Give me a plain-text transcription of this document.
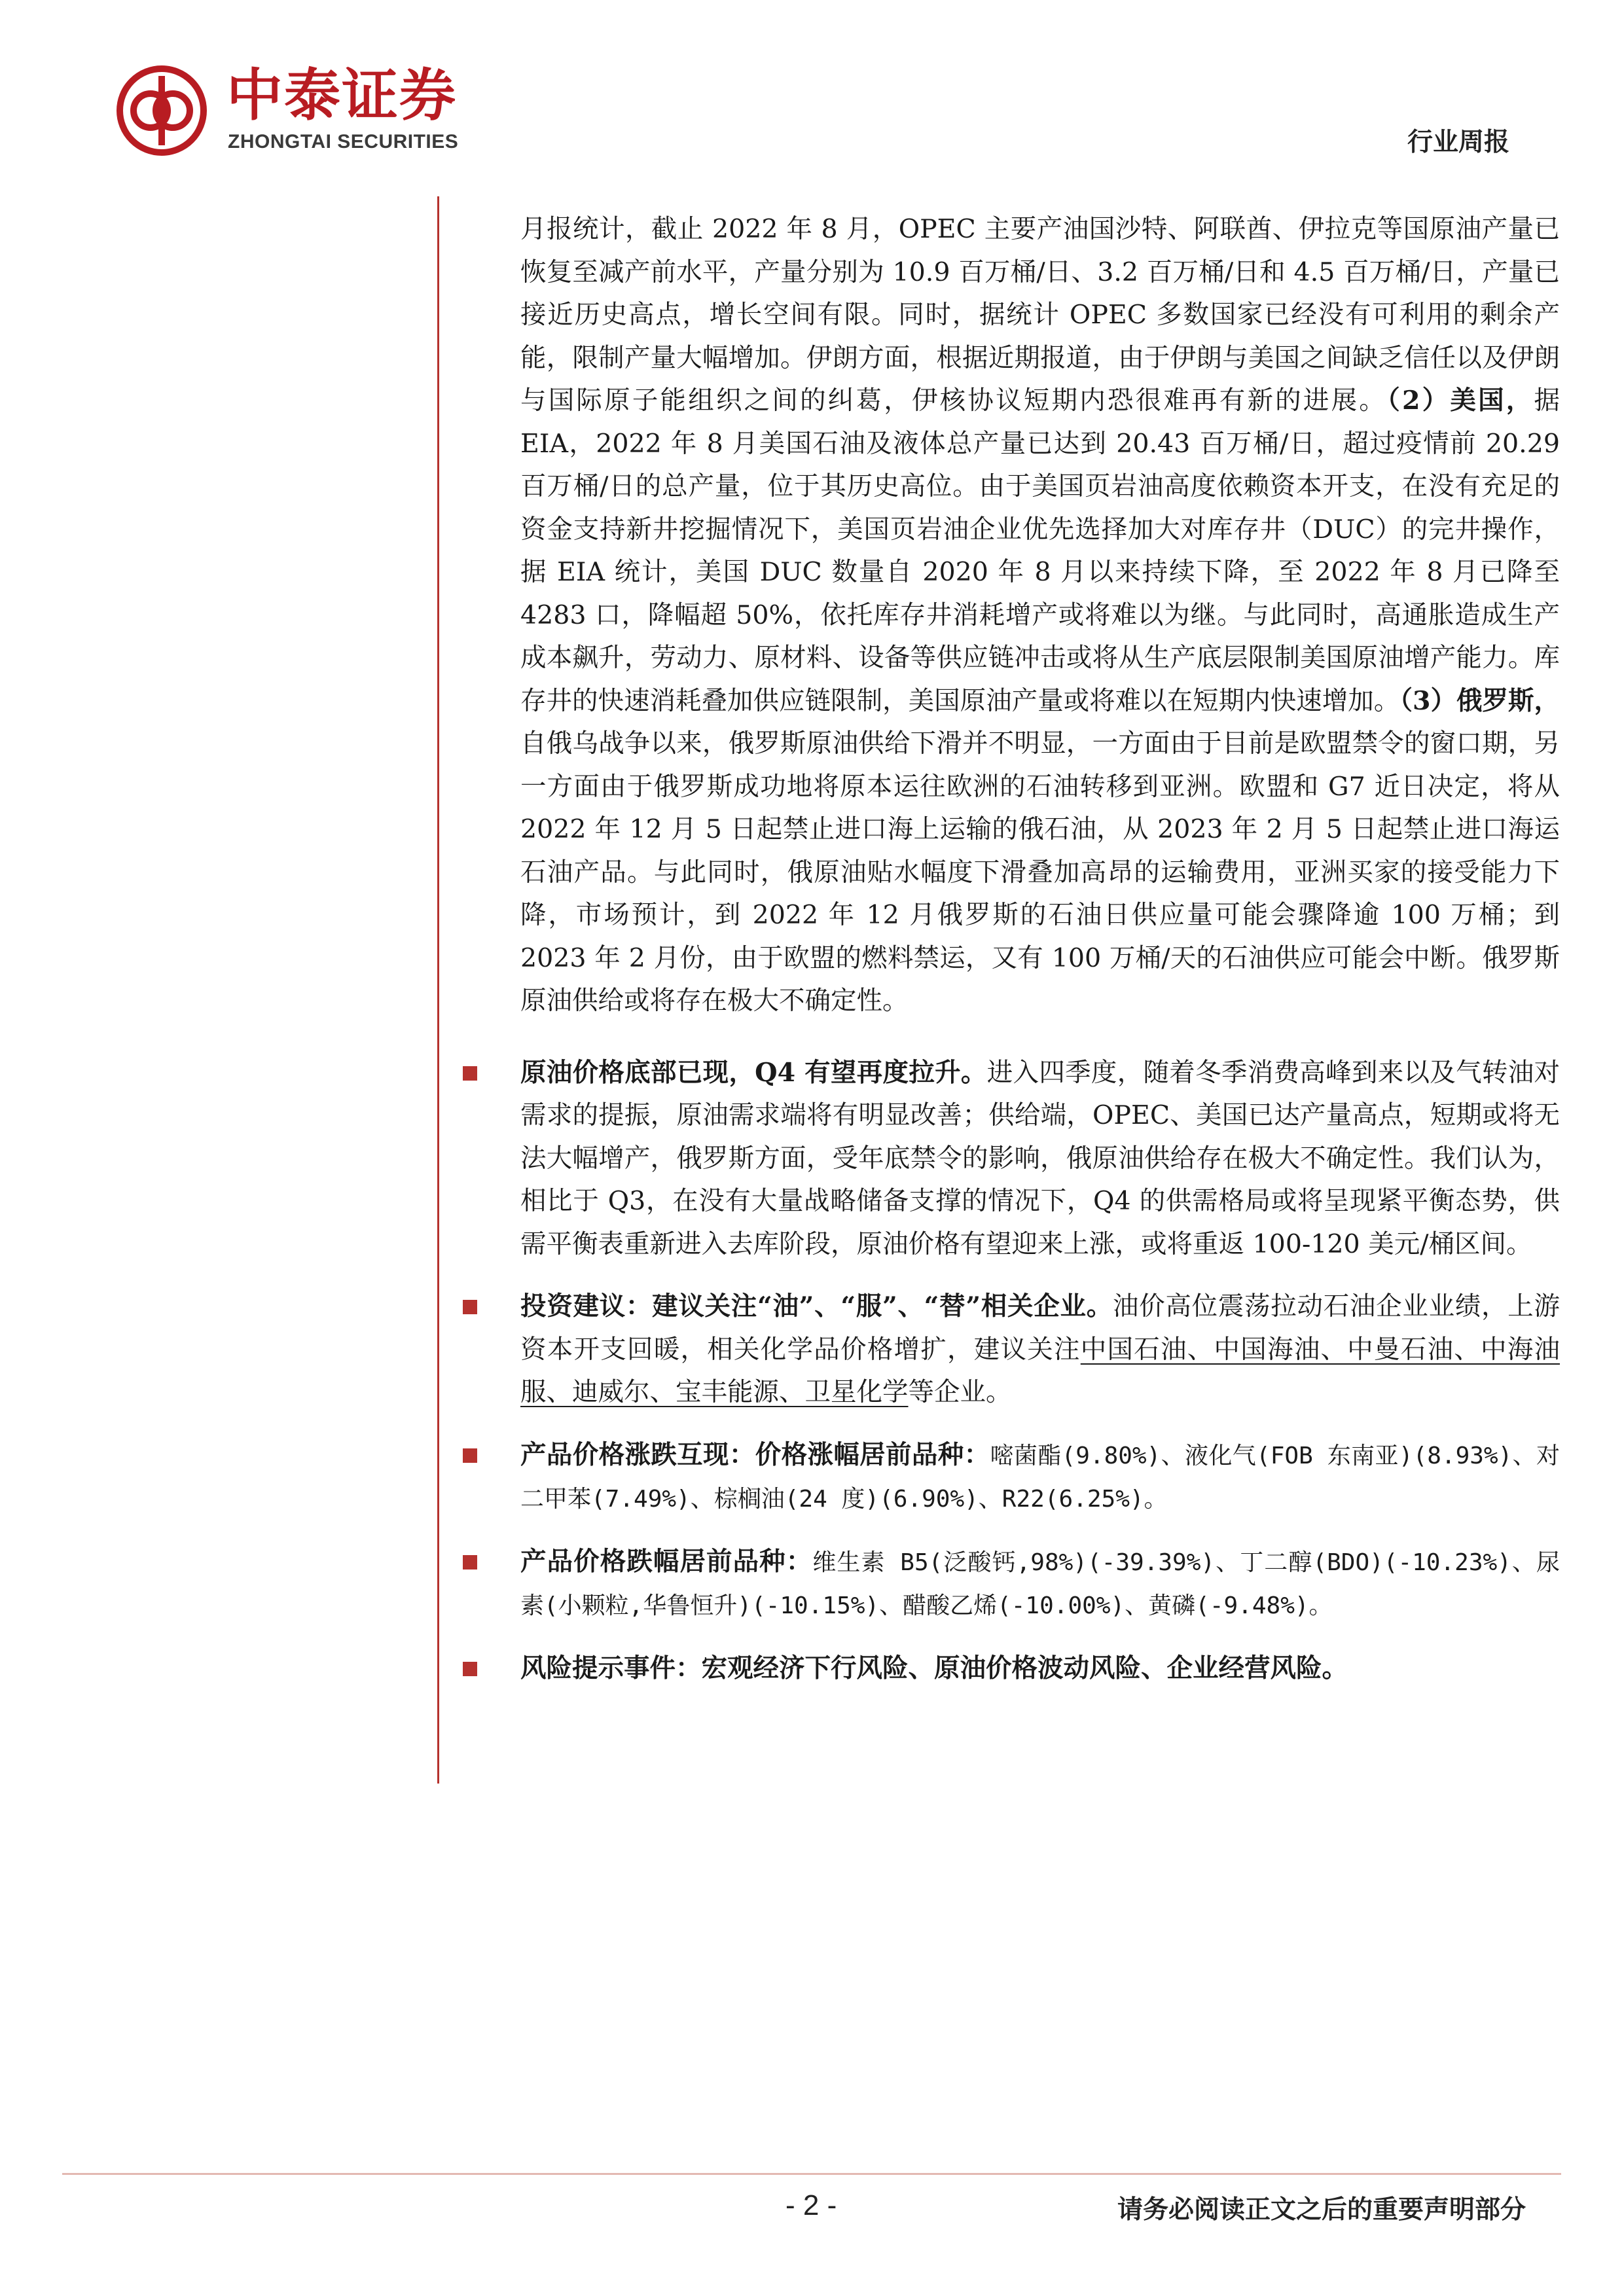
中泰证券
ZHONGTAI SECURITIES	行业周报

月报统计，截止 2022 年 8 月，OPEC 主要产油国沙特、阿联酋、伊拉克等国原油产量已恢复至减产前水平，产量分别为 10.9 百万桶/日、3.2 百万桶/日和 4.5 百万桶/日，产量已接近历史高点，增长空间有限。同时，据统计 OPEC 多数国家已经没有可利用的剩余产能，限制产量大幅增加。伊朗方面，根据近期报道，由于伊朗与美国之间缺乏信任以及伊朗与国际原子能组织之间的纠葛，伊核协议短期内恐很难再有新的进展。（2）美国，据 EIA，2022 年 8 月美国石油及液体总产量已达到 20.43 百万桶/日，超过疫情前 20.29 百万桶/日的总产量，位于其历史高位。由于美国页岩油高度依赖资本开支，在没有充足的资金支持新井挖掘情况下，美国页岩油企业优先选择加大对库存井（DUC）的完井操作，据 EIA 统计，美国 DUC 数量自 2020 年 8 月以来持续下降，至 2022 年 8 月已降至 4283 口，降幅超 50%，依托库存井消耗增产或将难以为继。与此同时，高通胀造成生产成本飙升，劳动力、原材料、设备等供应链冲击或将从生产底层限制美国原油增产能力。库存井的快速消耗叠加供应链限制，美国原油产量或将难以在短期内快速增加。（3）俄罗斯，自俄乌战争以来，俄罗斯原油供给下滑并不明显，一方面由于目前是欧盟禁令的窗口期，另一方面由于俄罗斯成功地将原本运往欧洲的石油转移到亚洲。欧盟和 G7 近日决定，将从 2022 年 12 月 5 日起禁止进口海上运输的俄石油，从 2023 年 2 月 5 日起禁止进口海运石油产品。与此同时，俄原油贴水幅度下滑叠加高昂的运输费用，亚洲买家的接受能力下降，市场预计，到 2022 年 12 月俄罗斯的石油日供应量可能会骤降逾 100 万桶；到 2023 年 2 月份，由于欧盟的燃料禁运，又有 100 万桶/天的石油供应可能会中断。俄罗斯原油供给或将存在极大不确定性。

原油价格底部已现，Q4 有望再度拉升。进入四季度，随着冬季消费高峰到来以及气转油对需求的提振，原油需求端将有明显改善；供给端，OPEC、美国已达产量高点，短期或将无法大幅增产，俄罗斯方面，受年底禁令的影响，俄原油供给存在极大不确定性。我们认为，相比于 Q3，在没有大量战略储备支撑的情况下，Q4 的供需格局或将呈现紧平衡态势，供需平衡表重新进入去库阶段，原油价格有望迎来上涨，或将重返 100-120 美元/桶区间。

投资建议：建议关注“油”、“服”、“替”相关企业。油价高位震荡拉动石油企业业绩，上游资本开支回暖，相关化学品价格增扩，建议关注中国石油、中国海油、中曼石油、中海油服、迪威尔、宝丰能源、卫星化学等企业。

产品价格涨跌互现：价格涨幅居前品种：嘧菌酯(9.80%)、液化气(FOB 东南亚)(8.93%)、对二甲苯(7.49%)、棕榈油(24 度)(6.90%)、R22(6.25%)。

产品价格跌幅居前品种：维生素 B5(泛酸钙,98%)(-39.39%)、丁二醇(BDO)(-10.23%)、尿素(小颗粒,华鲁恒升)(-10.15%)、醋酸乙烯(-10.00%)、黄磷(-9.48%)。

风险提示事件：宏观经济下行风险、原油价格波动风险、企业经营风险。

- 2 -	请务必阅读正文之后的重要声明部分
